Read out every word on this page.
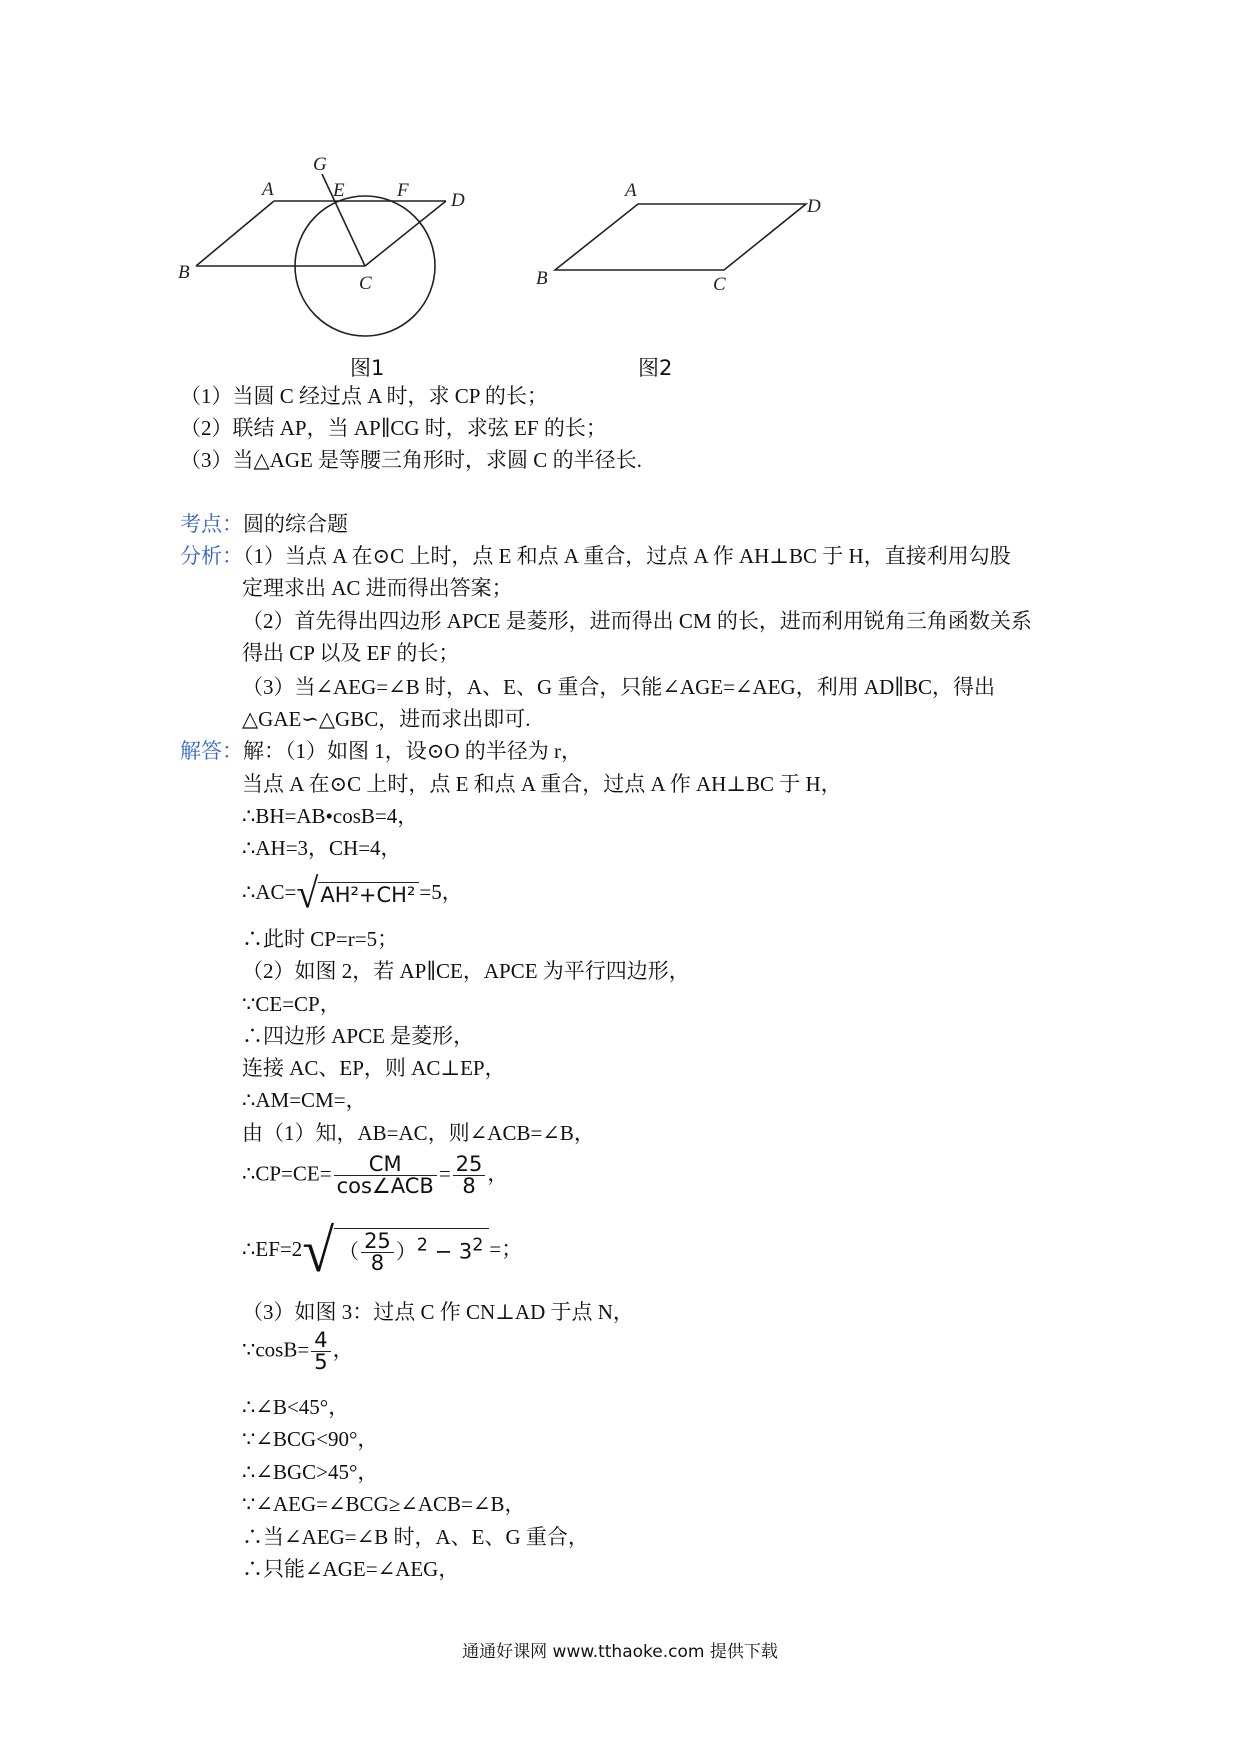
A
G
E	F D
B
C
A
D
B	C
图1	图2
（1）当圆 C 经过点 A 时，求 CP 的长；
（2）联结 AP，当 AP∥CG 时，求弦 EF 的长；
（3）当△AGE 是等腰三角形时，求圆 C 的半径长.
考点：圆的综合题
分析：（1）当点 A 在⊙C 上时，点 E 和点 A 重合，过点 A 作 AH⊥BC 于 H，直接利用勾股
定理求出 AC 进而得出答案；
（2）首先得出四边形 APCE 是菱形，进而得出 CM 的长，进而利用锐角三角函数关系
得出 CP 以及 EF 的长；
（3）当∠AEG=∠B 时，A、E、G 重合，只能∠AGE=∠AEG，利用 AD∥BC，得出
△GAE∽△GBC，进而求出即可.
解答：解：（1）如图 1，设⊙O 的半径为 r，
当点 A 在⊙C 上时，点 E 和点 A 重合，过点 A 作 AH⊥BC 于 H，
∴BH=AB•cosB=4，
∴AH=3，CH=4，
∴AC=√AH²+CH² =5，
∴此时 CP=r=5；
（2）如图 2，若 AP∥CE，APCE 为平行四边形，
∵CE=CP，
∴四边形 APCE 是菱形，
连接 AC、EP，则 AC⊥EP，
∴AM=CM=，
由（1）知，AB=AC，则∠ACB=∠B，
∴CP=CE= $\frac{CM}{\text{cos∠ACB}} = \frac{25}{8}$ ，
∴EF=2√ （ $\frac{25}{8} )^2 - 3^2$ =；
（3）如图 3：过点 C 作 CN⊥AD 于点 N，
∵cosB= $\frac{4}{5}$ ，
∴∠B<45°，
∵∠BCG<90°，
∴∠BGC>45°，
∵∠AEG=∠BCG≥∠ACB=∠B，
∴当∠AEG=∠B 时，A、E、G 重合，
∴只能∠AGE=∠AEG，
通通好课网 www.tthaoke.com 提供下载
